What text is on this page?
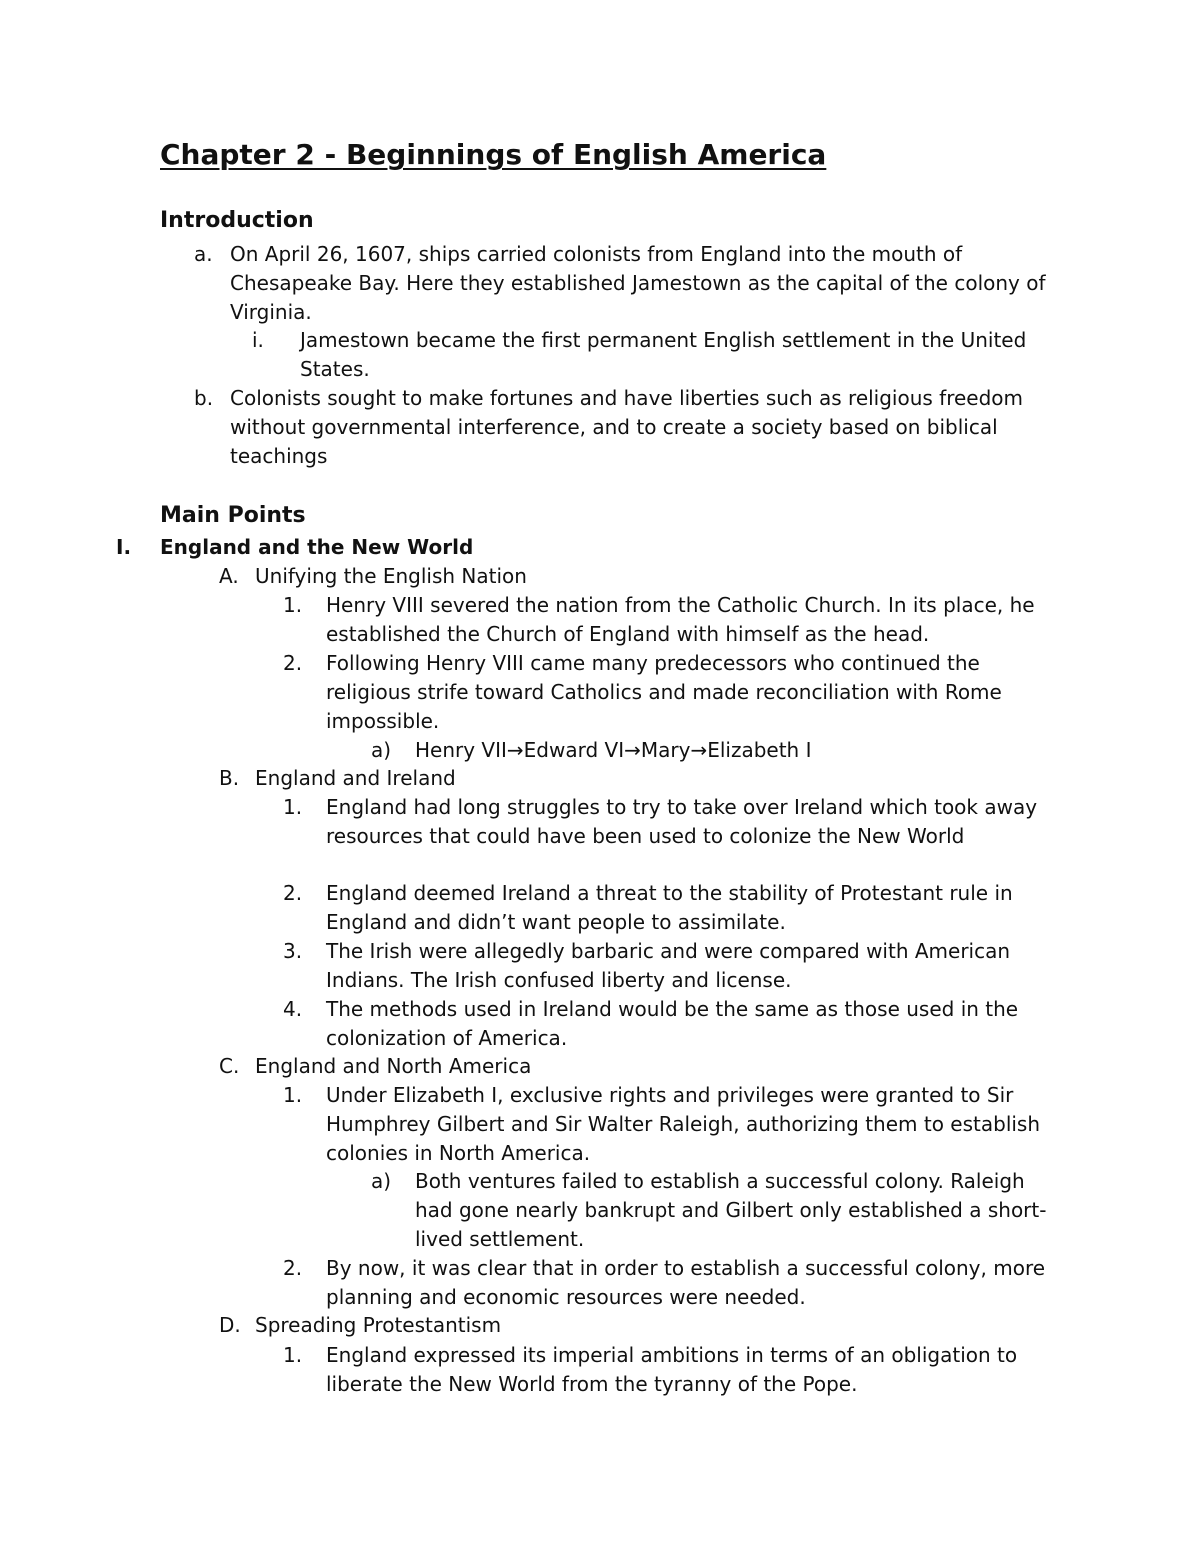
Chapter 2 - Beginnings of English America
Introduction
a. On April 26, 1607, ships carried colonists from England into the mouth of Chesapeake Bay. Here they established Jamestown as the capital of the colony of Virginia.
i. Jamestown became the first permanent English settlement in the United States.
b. Colonists sought to make fortunes and have liberties such as religious freedom without governmental interference, and to create a society based on biblical teachings
Main Points
I. England and the New World
A. Unifying the English Nation
1. Henry VIII severed the nation from the Catholic Church. In its place, he established the Church of England with himself as the head.
2. Following Henry VIII came many predecessors who continued the religious strife toward Catholics and made reconciliation with Rome impossible.
a) Henry VII→Edward VI→Mary→Elizabeth I
B. England and Ireland
1. England had long struggles to try to take over Ireland which took away resources that could have been used to colonize the New World
2. England deemed Ireland a threat to the stability of Protestant rule in England and didn’t want people to assimilate.
3. The Irish were allegedly barbaric and were compared with American Indians. The Irish confused liberty and license.
4. The methods used in Ireland would be the same as those used in the colonization of America.
C. England and North America
1. Under Elizabeth I, exclusive rights and privileges were granted to Sir Humphrey Gilbert and Sir Walter Raleigh, authorizing them to establish colonies in North America.
a) Both ventures failed to establish a successful colony. Raleigh had gone nearly bankrupt and Gilbert only established a short-lived settlement.
2. By now, it was clear that in order to establish a successful colony, more planning and economic resources were needed.
D. Spreading Protestantism
1. England expressed its imperial ambitions in terms of an obligation to liberate the New World from the tyranny of the Pope.
